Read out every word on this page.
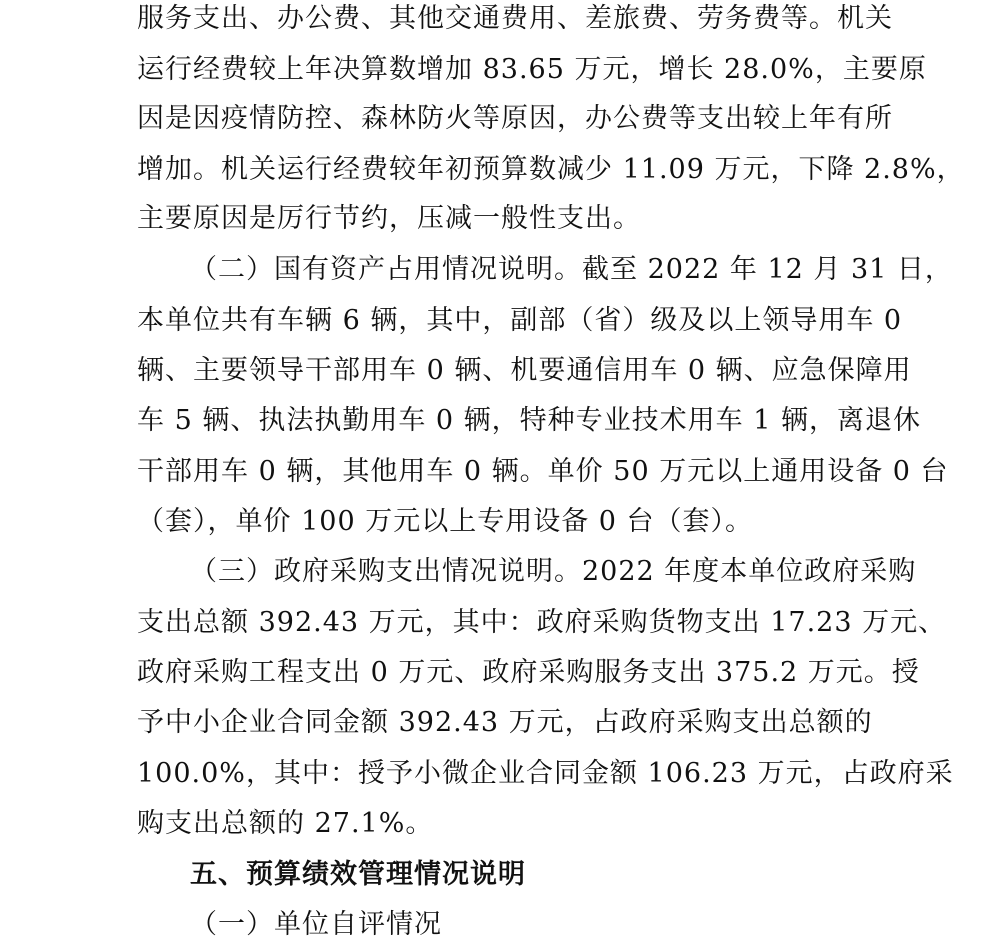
服务支出、办公费、其他交通费用、差旅费、劳务费等。机关
运行经费较上年决算数增加 83.65 万元，增长 28.0%，主要原
因是因疫情防控、森林防火等原因，办公费等支出较上年有所
增加。机关运行经费较年初预算数减少 11.09 万元，下降 2.8%，
主要原因是厉行节约，压减一般性支出。
（二）国有资产占用情况说明。截至 2022 年 12 月 31 日，
本单位共有车辆 6 辆，其中，副部（省）级及以上领导用车 0
辆、主要领导干部用车 0 辆、机要通信用车 0 辆、应急保障用
车 5 辆、执法执勤用车 0 辆，特种专业技术用车 1 辆，离退休
干部用车 0 辆，其他用车 0 辆。单价 50 万元以上通用设备 0 台
（套），单价 100 万元以上专用设备 0 台（套）。
（三）政府采购支出情况说明。2022 年度本单位政府采购
支出总额 392.43 万元，其中：政府采购货物支出 17.23 万元、
政府采购工程支出 0 万元、政府采购服务支出 375.2 万元。授
予中小企业合同金额 392.43 万元，占政府采购支出总额的
100.0%，其中：授予小微企业合同金额 106.23 万元，占政府采
购支出总额的 27.1%。
五、预算绩效管理情况说明
（一）单位自评情况
